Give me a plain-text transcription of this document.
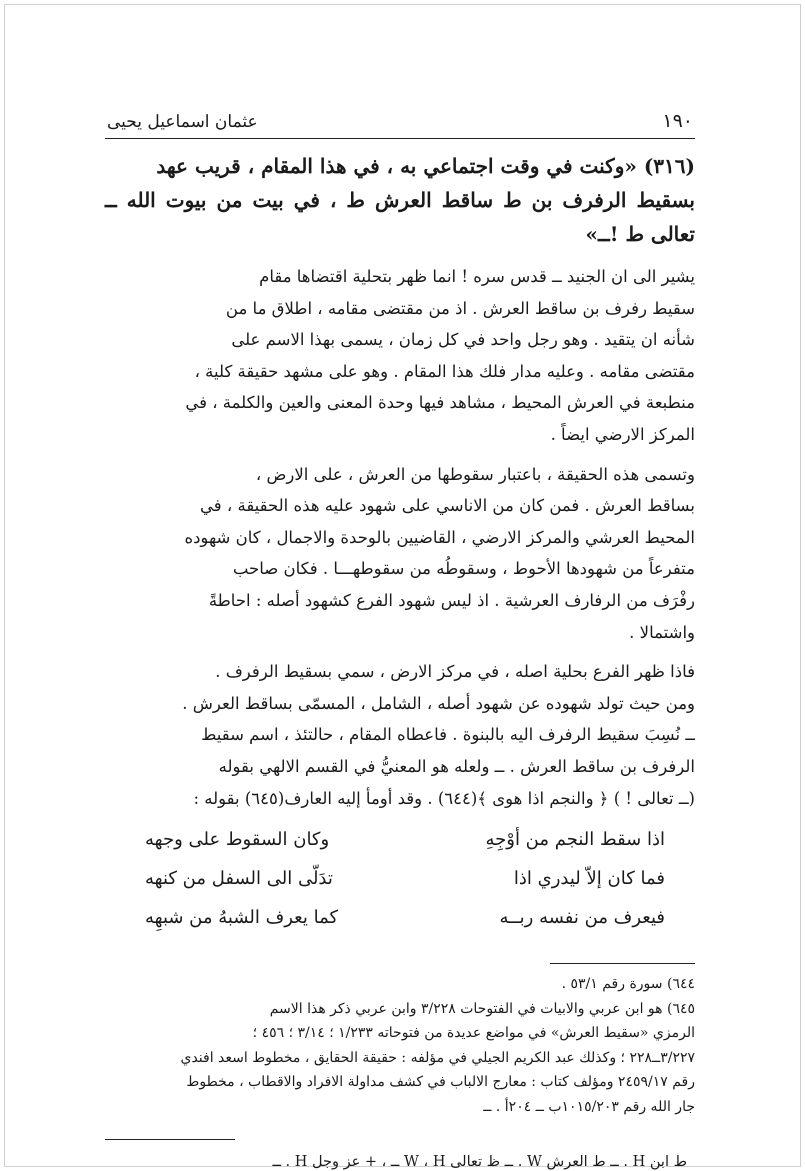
١٩٠
عثمان اسماعيل يحيى

(٣١٦) «وكنت في وقت اجتماعي به ، في هذا المقام ، قريب عهد

بسقيط الرفرف بن ﻁ ساقط العرش ﻁ ، في بيت من بيوت الله ــ تعالى ﻁ !ــ»

يشير الى ان الجنيد ــ قدس سره ! انما ظهر بتحلية اقتضاها مقام

سقيط رفرف بن ساقط العرش . اذ من مقتضى مقامه ، اطلاق ما من

شأنه ان يتقيد . وهو رجل واحد في كل زمان ، يسمى بهذا الاسم على

مقتضى مقامه . وعليه مدار فلك هذا المقام . وهو على مشهد حقيقة كلية ،

منطبعة في العرش المحيط ، مشاهد فيها وحدة المعنى والعين والكلمة ، في

المركز الارضي ايضاً .

وتسمى هذه الحقيقة ، باعتبار سقوطها من العرش ، على الارض ،

بساقط العرش . فمن كان من الاناسي على شهود عليه هذه الحقيقة ، في

المحيط العرشي والمركز الارضي ، القاضيين بالوحدة والاجمال ، كان شهوده

متفرعاً من شهودها الأحوط ، وسقوطُه من سقوطهـــا . فكان صاحب

رفْرَف من الرفارف العرشية . اذ ليس شهود الفرع كشهود أصله : احاطةً

واشتمالا .

فاذا ظهر الفرع بحلية اصله ، في مركز الارض ، سمي بسقيط الرفرف .

ومن حيث تولد شهوده عن شهود أصله ، الشامل ، المسمّى بساقط العرش .

ــ نُسِبَ سقيط الرفرف اليه بالبنوة . فاعطاه المقام ، حالتئذ ، اسم سقيط

الرفرف بن ساقط العرش . ــ ولعله هو المعنيُّ في القسم الالهي بقوله

(ــ تعالى ! ) ﴿ والنجم اذا هوى ﴾(٦٤٤) . وقد أومأ إليه العارف(٦٤٥) بقوله :

اذا سقط النجم من أوْجِهِ
وكان السقوط على وجهه
فما كان إلاّ ليدري اذا
تدَلّى الى السفل من كنهه
فيعرف من نفسه ربــه
كما يعرف الشبهُ من شبهِه

٦٤٤) سورة رقم ٥٣/١ .

٦٤٥) هو ابن عربي والابيات في الفتوحات ٣/٢٢٨ وابن عربي ذكر هذا الاسم

الرمزي «سقيط العرش» في مواضع عديدة من فتوحاته ١/٢٣٣ ؛ ٣/١٤ ؛ ٤٥٦ ؛

٣/٢٢٧ــ٢٢٨ ؛ وكذلك عبد الكريم الجيلي في مؤلفه : حقيقة الحقايق ، مخطوط اسعد افندي

رقم ٢٤٥٩/١٧ ومؤلف كتاب : معارج الالباب في كشف مداولة الافراد والاقطاب ، مخطوط

جار الله رقم ١٠١٥/٢٠٣ب ــ ٢٠٤أ . ــ

ﻁ ابن H . ــ ﻁ العرش W . ــ ﻅ تعالى W ، H ــ ، + عز وجل H . ــ
